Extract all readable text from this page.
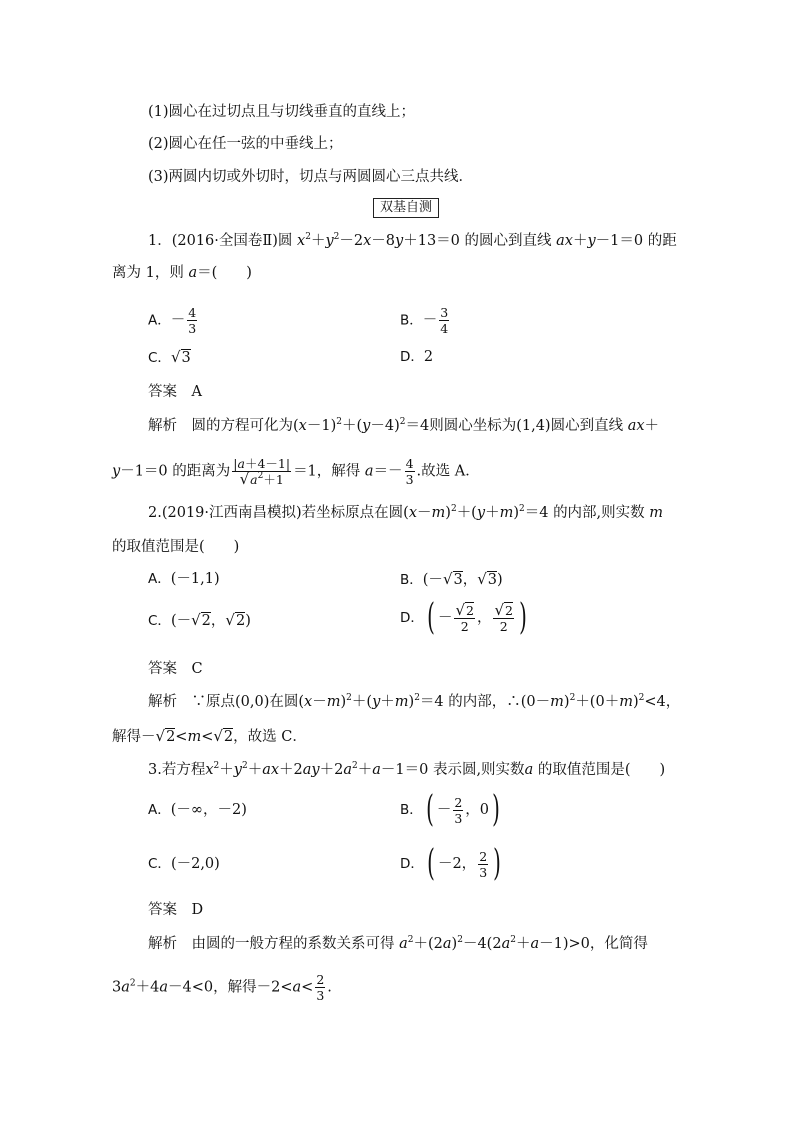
(1)圆心在过切点且与切线垂直的直线上；
(2)圆心在任一弦的中垂线上；
(3)两圆内切或外切时，切点与两圆圆心三点共线．
双基自测
1．(2016·全国卷Ⅱ)圆 $x^2+y^2-2x-8y+13=0$ 的圆心到直线 ax＋y－1＝0 的距
离为 1，则 a＝(　　)
A．－ $\frac{4}{3}$	B．－ $\frac{3}{4}$
C．√3	D．2
答案　 A
解析　 圆的方程可化为$(x-1)^2+(y-4)^2=4$则圆心坐标为(1,4)圆心到直线 ax＋
y－1＝0 的距离为 $\frac{|a+4-1|}{√a^2+1} =1$，解得 $a=- \frac{4}{3}$ .故选 A．
2.(2019·江西南昌模拟)若坐标原点在圆$(x-m)^2+(y+m)^2=4$ 的内部,则实数 m
的取值范围是(　　)
A．(－1,1)	B．(－√3，√3)
C．(－√2，√2)	D．( － $\frac{√2}{2}$ ， $\frac{√2}{2}$ )
答案　 C
解析　 ∵原点(0,0)在圆$(x-m)^2+(y+m)^2=4$ 的内部，$\therefore(0-m)^2+(0+m)^2<4$，
解得－√2<m<√2，故选 C．
3.若方程$x^2+y^2+ax+2ay+2a^2+a-1=0$ 表示圆,则实数a 的取值范围是(　　)
A．(－∞，－2)	B．( － $\frac{2}{3}$ ，0)
C．(－2,0)	D．( －2， $\frac{2}{3}$ )
答案　 D
解析　 由圆的一般方程的系数关系可得 $a^2+(2a)^2-4(2a^2+a-1)>0$，化简得
$3a^2+4a-4<0$，解得$-2<a< \frac{2}{3}$ .
